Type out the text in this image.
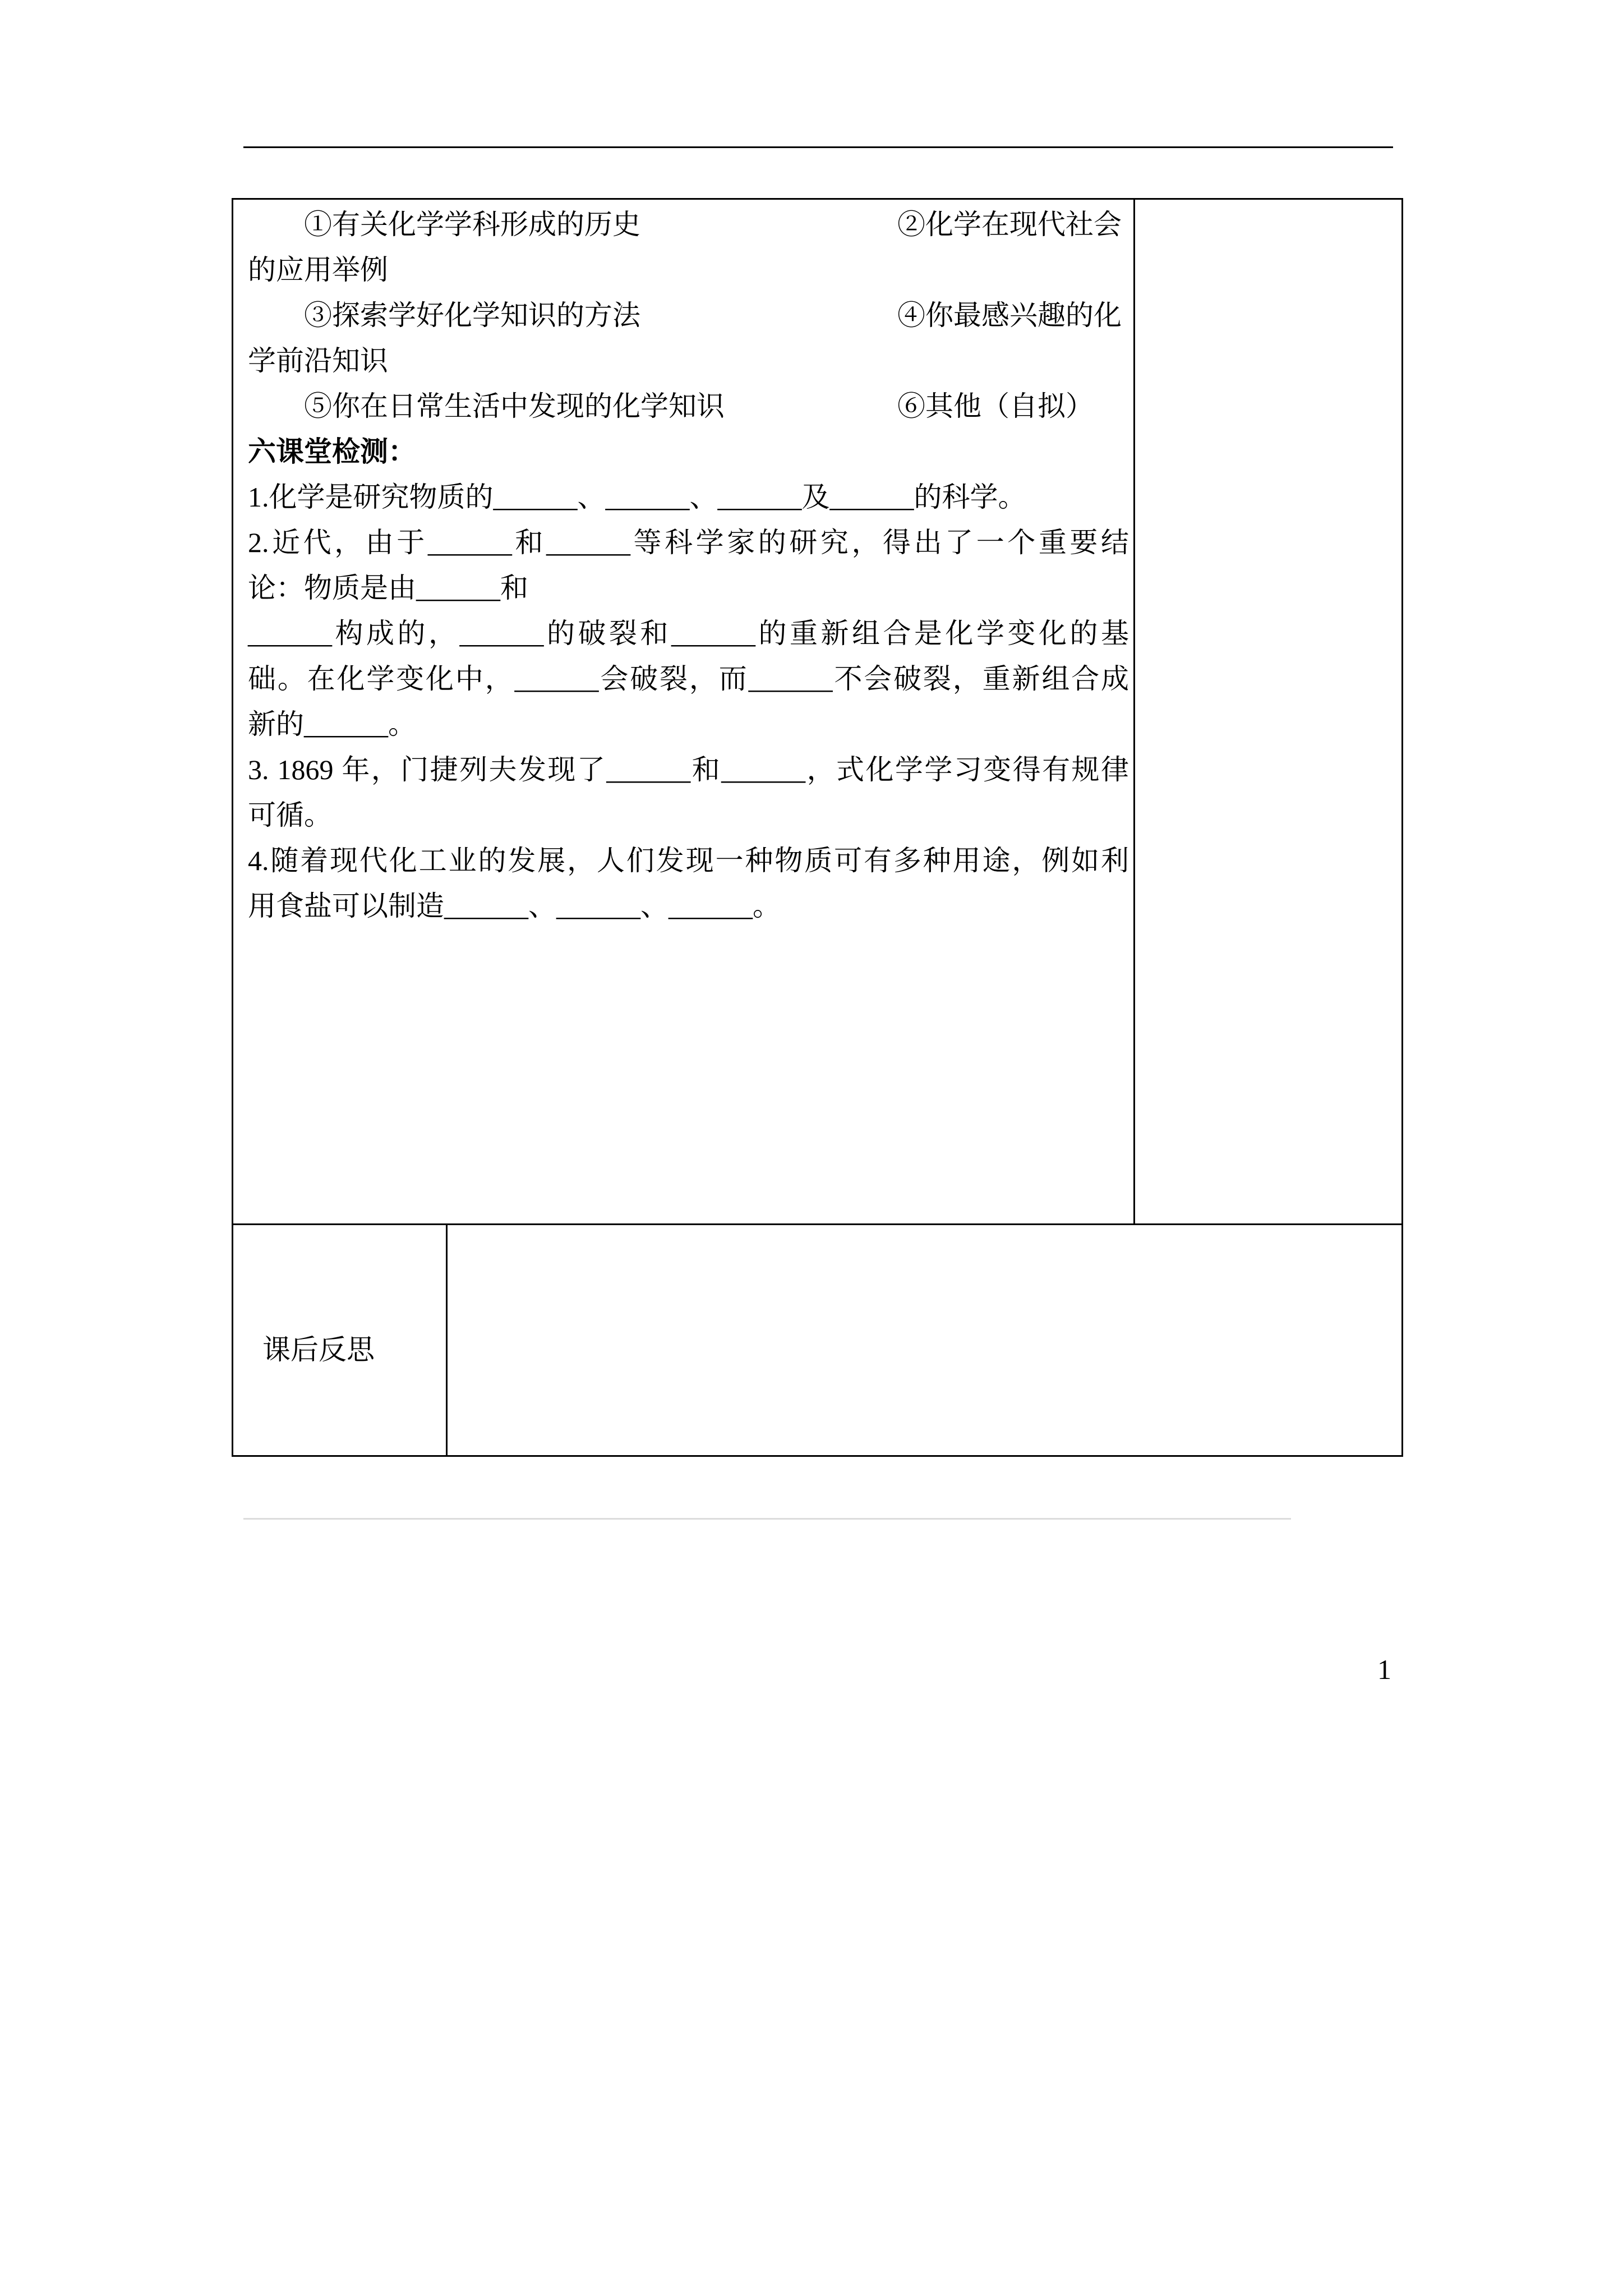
①有关化学学科形成的历史	②化学在现代社会
的应用举例
③探索学好化学知识的方法	④你最感兴趣的化
学前沿知识
⑤你在日常生活中发现的化学知识	⑥其他（自拟）
六课堂检测：
1.化学是研究物质的______、______、______及______的科学。
2.近代，由于______和______等科学家的研究，得出了一个重要结
论：物质是由______和
______构成的，______的破裂和______的重新组合是化学变化的基
础。在化学变化中，______会破裂，而______不会破裂，重新组合成
新的______。
3. 1869 年，门捷列夫发现了______和______，式化学学习变得有规律
可循。
4.随着现代化工业的发展，人们发现一种物质可有多种用途，例如利
用食盐可以制造______、______、______。
课后反思
1
